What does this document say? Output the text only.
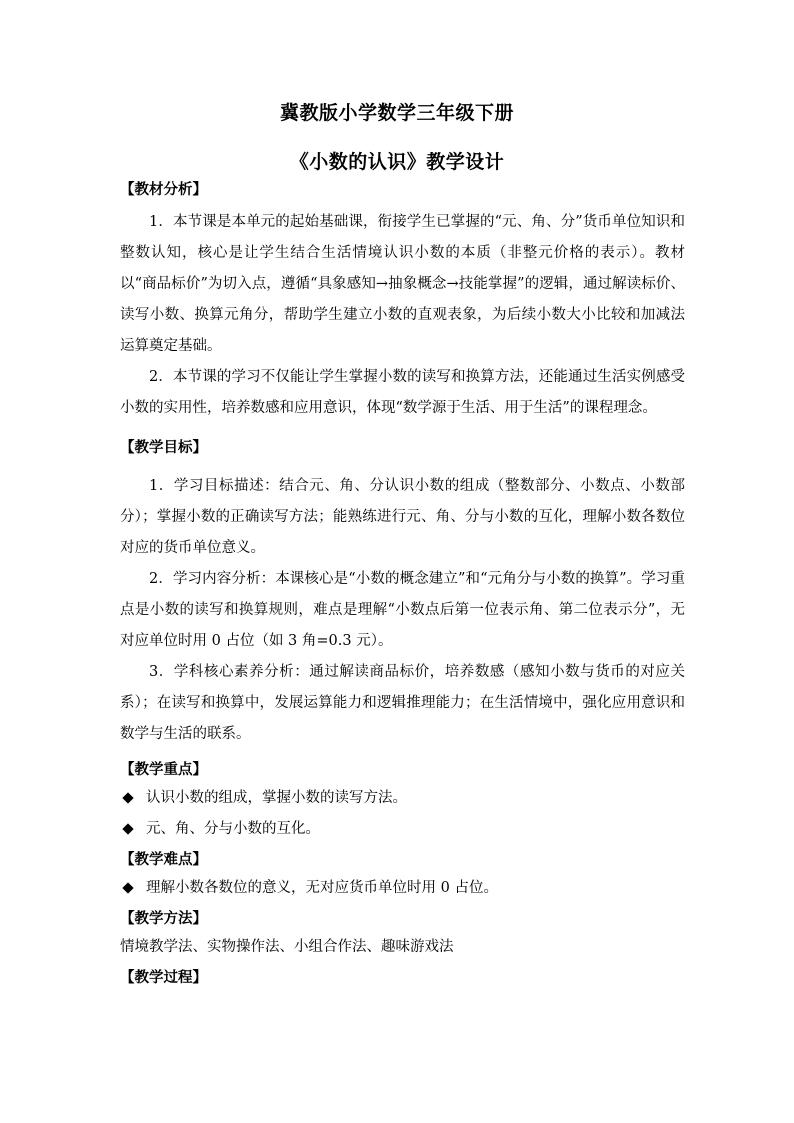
冀教版小学数学三年级下册
《小数的认识》教学设计
【教材分析】

1．本节课是本单元的起始基础课，衔接学生已掌握的“元、角、分”货币单位知识和整数认知，核心是让学生结合生活情境认识小数的本质（非整元价格的表示）。教材以“商品标价”为切入点，遵循“具象感知→抽象概念→技能掌握”的逻辑，通过解读标价、读写小数、换算元角分，帮助学生建立小数的直观表象，为后续小数大小比较和加减法运算奠定基础。

2．本节课的学习不仅能让学生掌握小数的读写和换算方法，还能通过生活实例感受小数的实用性，培养数感和应用意识，体现“数学源于生活、用于生活”的课程理念。

【教学目标】

1．学习目标描述：结合元、角、分认识小数的组成（整数部分、小数点、小数部分）；掌握小数的正确读写方法；能熟练进行元、角、分与小数的互化，理解小数各数位对应的货币单位意义。

2．学习内容分析：本课核心是“小数的概念建立”和“元角分与小数的换算”。学习重点是小数的读写和换算规则，难点是理解“小数点后第一位表示角、第二位表示分”，无对应单位时用 0 占位（如 3 角=0.3 元）。

3．学科核心素养分析：通过解读商品标价，培养数感（感知小数与货币的对应关系）；在读写和换算中，发展运算能力和逻辑推理能力；在生活情境中，强化应用意识和数学与生活的联系。

【教学重点】
认识小数的组成，掌握小数的读写方法。
元、角、分与小数的互化。
【教学难点】
理解小数各数位的意义，无对应货币单位时用 0 占位。
【教学方法】
情境教学法、实物操作法、小组合作法、趣味游戏法
【教学过程】
